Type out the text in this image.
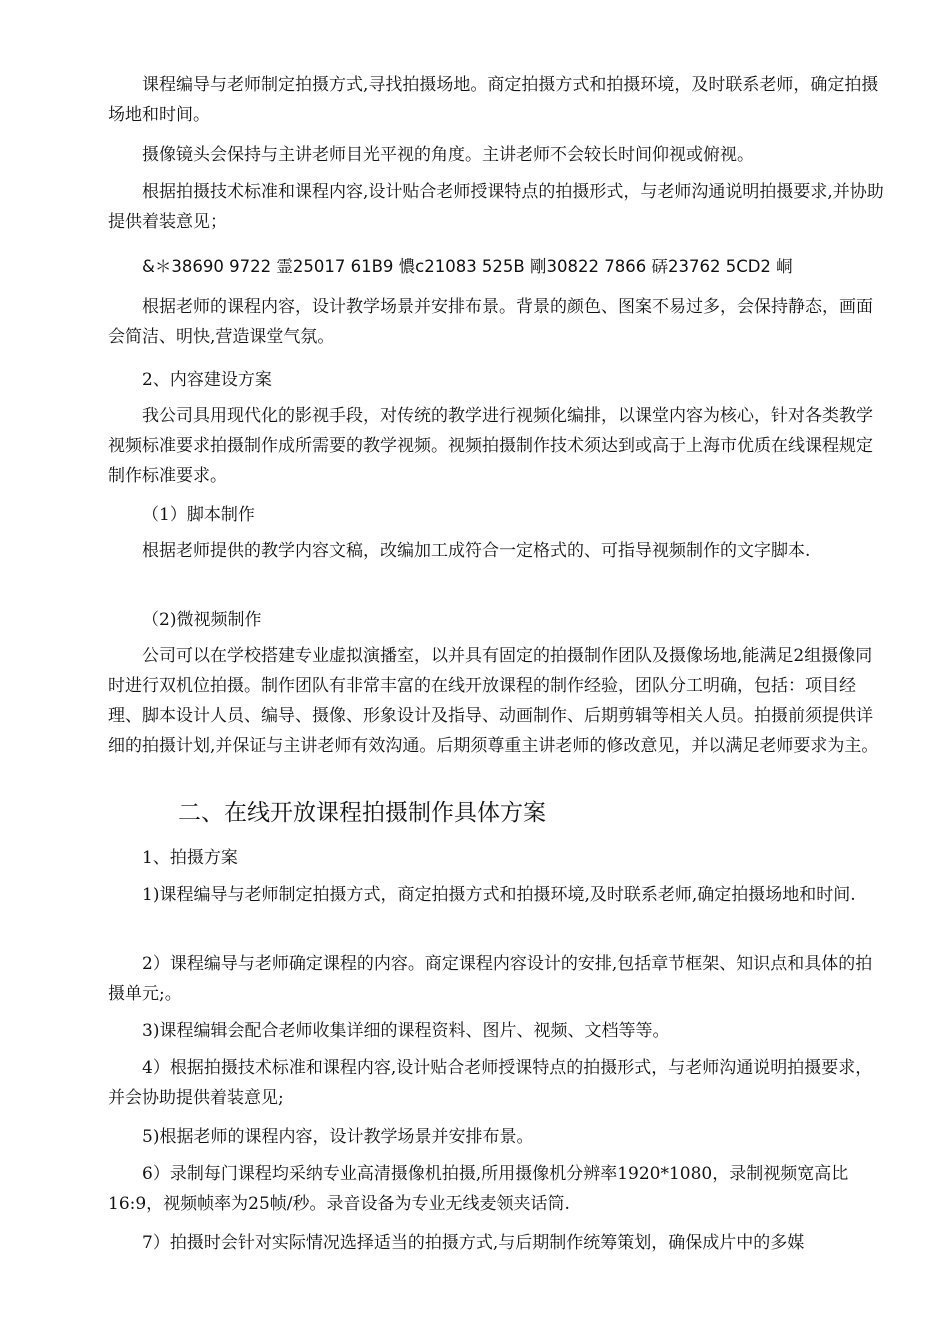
课程编导与老师制定拍摄方式,寻找拍摄场地。商定拍摄方式和拍摄环境，及时联系老师，确定拍摄场地和时间。

摄像镜头会保持与主讲老师目光平视的角度。主讲老师不会较长时间仰视或俯视。

根据拍摄技术标准和课程内容,设计贴合老师授课特点的拍摄形式，与老师沟通说明拍摄要求,并协助提供着装意见；

&＊38690 9722 霊25017 61B9 憹c21083 525B 剛30822 7866 硦23762 5CD2 峒

根据老师的课程内容，设计教学场景并安排布景。背景的颜色、图案不易过多，会保持静态，画面会简洁、明快,营造课堂气氛。

2、内容建设方案

我公司具用现代化的影视手段，对传统的教学进行视频化编排，以课堂内容为核心，针对各类教学视频标准要求拍摄制作成所需要的教学视频。视频拍摄制作技术须达到或高于上海市优质在线课程规定制作标准要求。

（1）脚本制作

根据老师提供的教学内容文稿，改编加工成符合一定格式的、可指导视频制作的文字脚本.

（2)微视频制作

公司可以在学校搭建专业虚拟演播室，以并具有固定的拍摄制作团队及摄像场地,能满足2组摄像同时进行双机位拍摄。制作团队有非常丰富的在线开放课程的制作经验，团队分工明确，包括：项目经理、脚本设计人员、编导、摄像、形象设计及指导、动画制作、后期剪辑等相关人员。拍摄前须提供详细的拍摄计划,并保证与主讲老师有效沟通。后期须尊重主讲老师的修改意见，并以满足老师要求为主。

二、在线开放课程拍摄制作具体方案

1、拍摄方案

1)课程编导与老师制定拍摄方式，商定拍摄方式和拍摄环境,及时联系老师,确定拍摄场地和时间.

2）课程编导与老师确定课程的内容。商定课程内容设计的安排,包括章节框架、知识点和具体的拍摄单元;。

3)课程编辑会配合老师收集详细的课程资料、图片、视频、文档等等。

4）根据拍摄技术标准和课程内容,设计贴合老师授课特点的拍摄形式，与老师沟通说明拍摄要求，并会协助提供着装意见;

5)根据老师的课程内容，设计教学场景并安排布景。

6）录制每门课程均采纳专业高清摄像机拍摄,所用摄像机分辨率1920*1080，录制视频宽高比16:9，视频帧率为25帧/秒。录音设备为专业无线麦领夹话筒.

7）拍摄时会针对实际情况选择适当的拍摄方式,与后期制作统筹策划，确保成片中的多媒
